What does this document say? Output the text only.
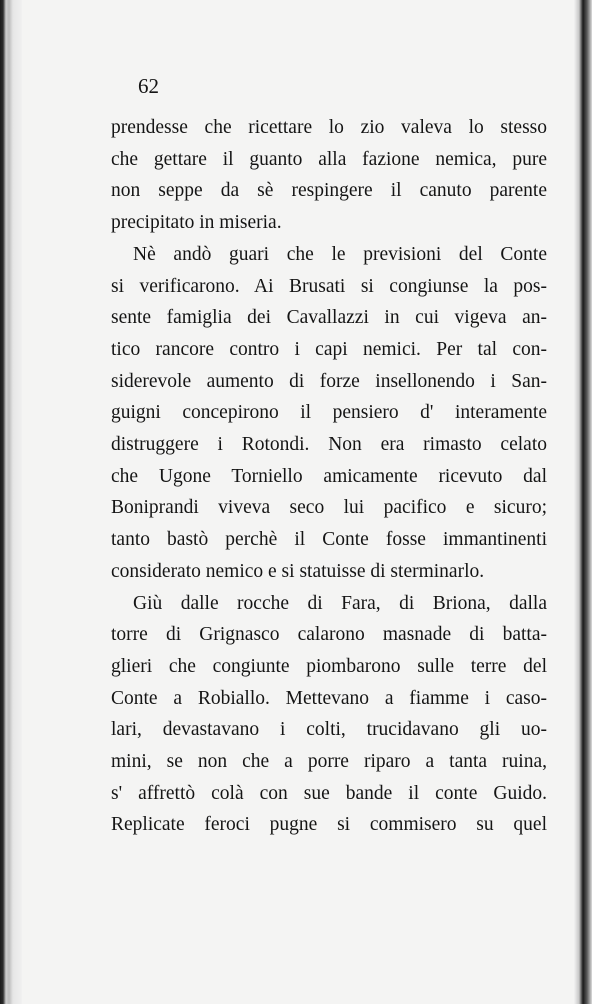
62
prendesse che ricettare lo zio valeva lo stesso
che gettare il guanto alla fazione nemica, pure
non seppe da sè respingere il canuto parente
precipitato in miseria.
Nè andò guari che le previsioni del Conte
si verificarono. Ai Brusati si congiunse la pos-
sente famiglia dei Cavallazzi in cui vigeva an-
tico rancore contro i capi nemici. Per tal con-
siderevole aumento di forze insellonendo i San-
guigni concepirono il pensiero d' interamente
distruggere i Rotondi. Non era rimasto celato
che Ugone Torniello amicamente ricevuto dal
Boniprandi viveva seco lui pacifico e sicuro;
tanto bastò perchè il Conte fosse immantinenti
considerato nemico e si statuisse di sterminarlo.
Giù dalle rocche di Fara, di Briona, dalla
torre di Grignasco calarono masnade di batta-
glieri che congiunte piombarono sulle terre del
Conte a Robiallo. Mettevano a fiamme i caso-
lari, devastavano i colti, trucidavano gli uo-
mini, se non che a porre riparo a tanta ruina,
s' affrettò colà con sue bande il conte Guido.
Replicate feroci pugne si commisero su quel
